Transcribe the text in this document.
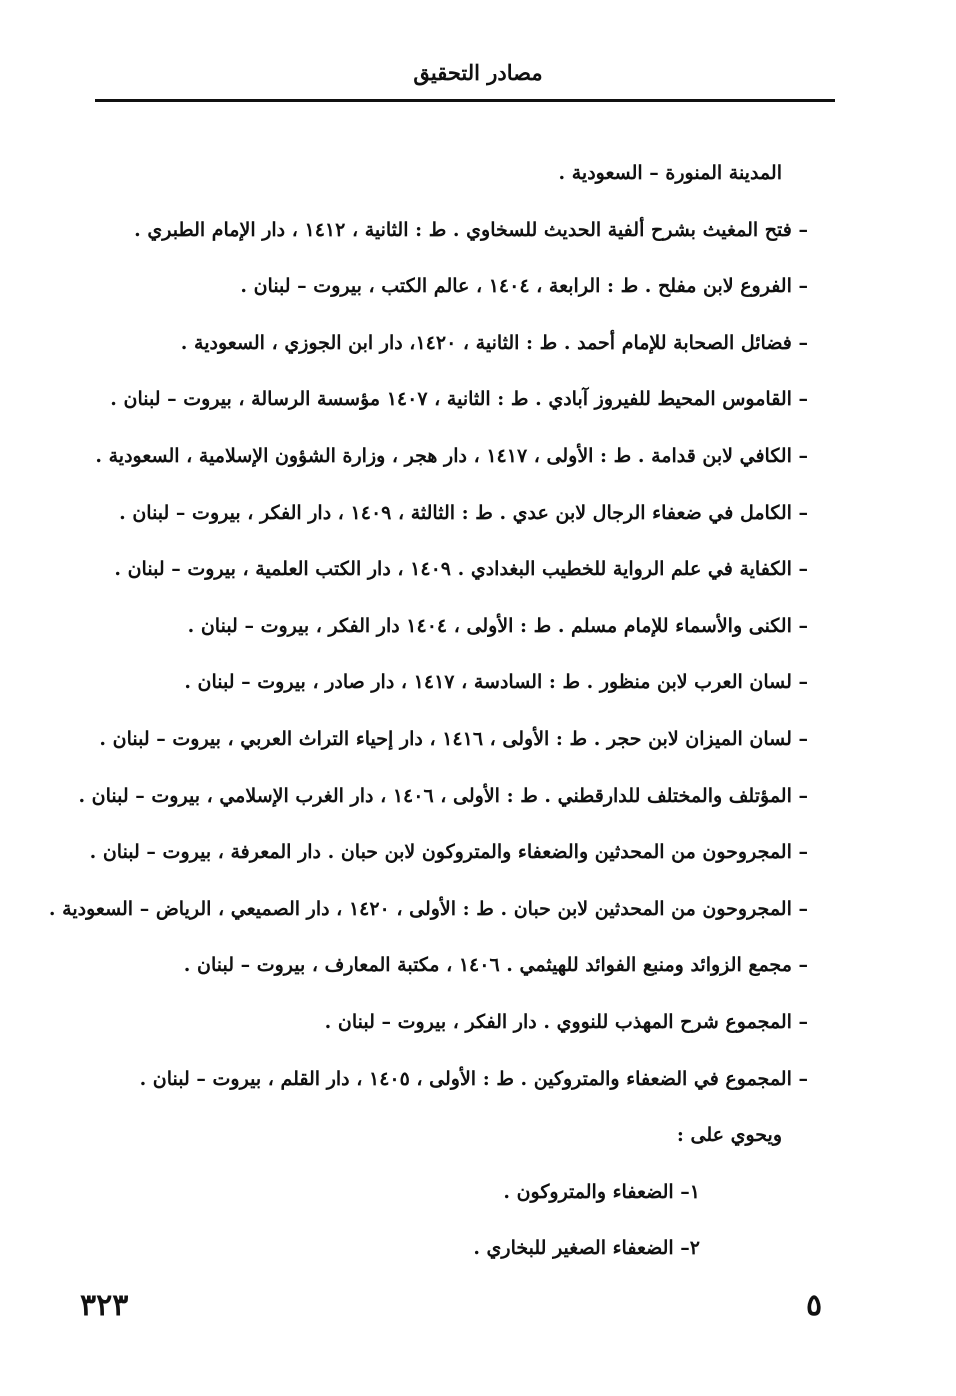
مصادر التحقيق
المدينة المنورة – السعودية .
– فتح المغيث بشرح ألفية الحديث للسخاوي . ط : الثانية ، ١٤١٢ ، دار الإمام الطبري .
– الفروع لابن مفلح . ط : الرابعة ، ١٤٠٤ ، عالم الكتب ، بيروت – لبنان .
– فضائل الصحابة للإمام أحمد . ط : الثانية ، ١٤٢٠، دار ابن الجوزي ، السعودية .
– القاموس المحيط للفيروز آبادي . ط : الثانية ، ١٤٠٧ مؤسسة الرسالة ، بيروت – لبنان .
– الكافي لابن قدامة . ط : الأولى ، ١٤١٧ ، دار هجر ، وزارة الشؤون الإسلامية ، السعودية .
– الكامل في ضعفاء الرجال لابن عدي . ط : الثالثة ، ١٤٠٩ ، دار الفكر ، بيروت – لبنان .
– الكفاية في علم الرواية للخطيب البغدادي . ١٤٠٩ ، دار الكتب العلمية ، بيروت – لبنان .
– الكنى والأسماء للإمام مسلم . ط : الأولى ، ١٤٠٤ دار الفكر ، بيروت – لبنان .
– لسان العرب لابن منظور . ط : السادسة ، ١٤١٧ ، دار صادر ، بيروت – لبنان .
– لسان الميزان لابن حجر . ط : الأولى ، ١٤١٦ ، دار إحياء التراث العربي ، بيروت – لبنان .
– المؤتلف والمختلف للدارقطني . ط : الأولى ، ١٤٠٦ ، دار الغرب الإسلامي ، بيروت – لبنان .
– المجروحون من المحدثين والضعفاء والمتروكون لابن حبان . دار المعرفة ، بيروت – لبنان .
– المجروحون من المحدثين لابن حبان . ط : الأولى ، ١٤٢٠ ، دار الصميعي ، الرياض – السعودية .
– مجمع الزوائد ومنبع الفوائد للهيثمي . ١٤٠٦ ، مكتبة المعارف ، بيروت – لبنان .
– المجموع شرح المهذب للنووي . دار الفكر ، بيروت – لبنان .
– المجموع في الضعفاء والمتروكين . ط : الأولى ، ١٤٠٥ ، دار القلم ، بيروت – لبنان .
ويحوي على :
١– الضعفاء والمتروكون .
٢– الضعفاء الصغير للبخاري .
٣٢٣	٥
